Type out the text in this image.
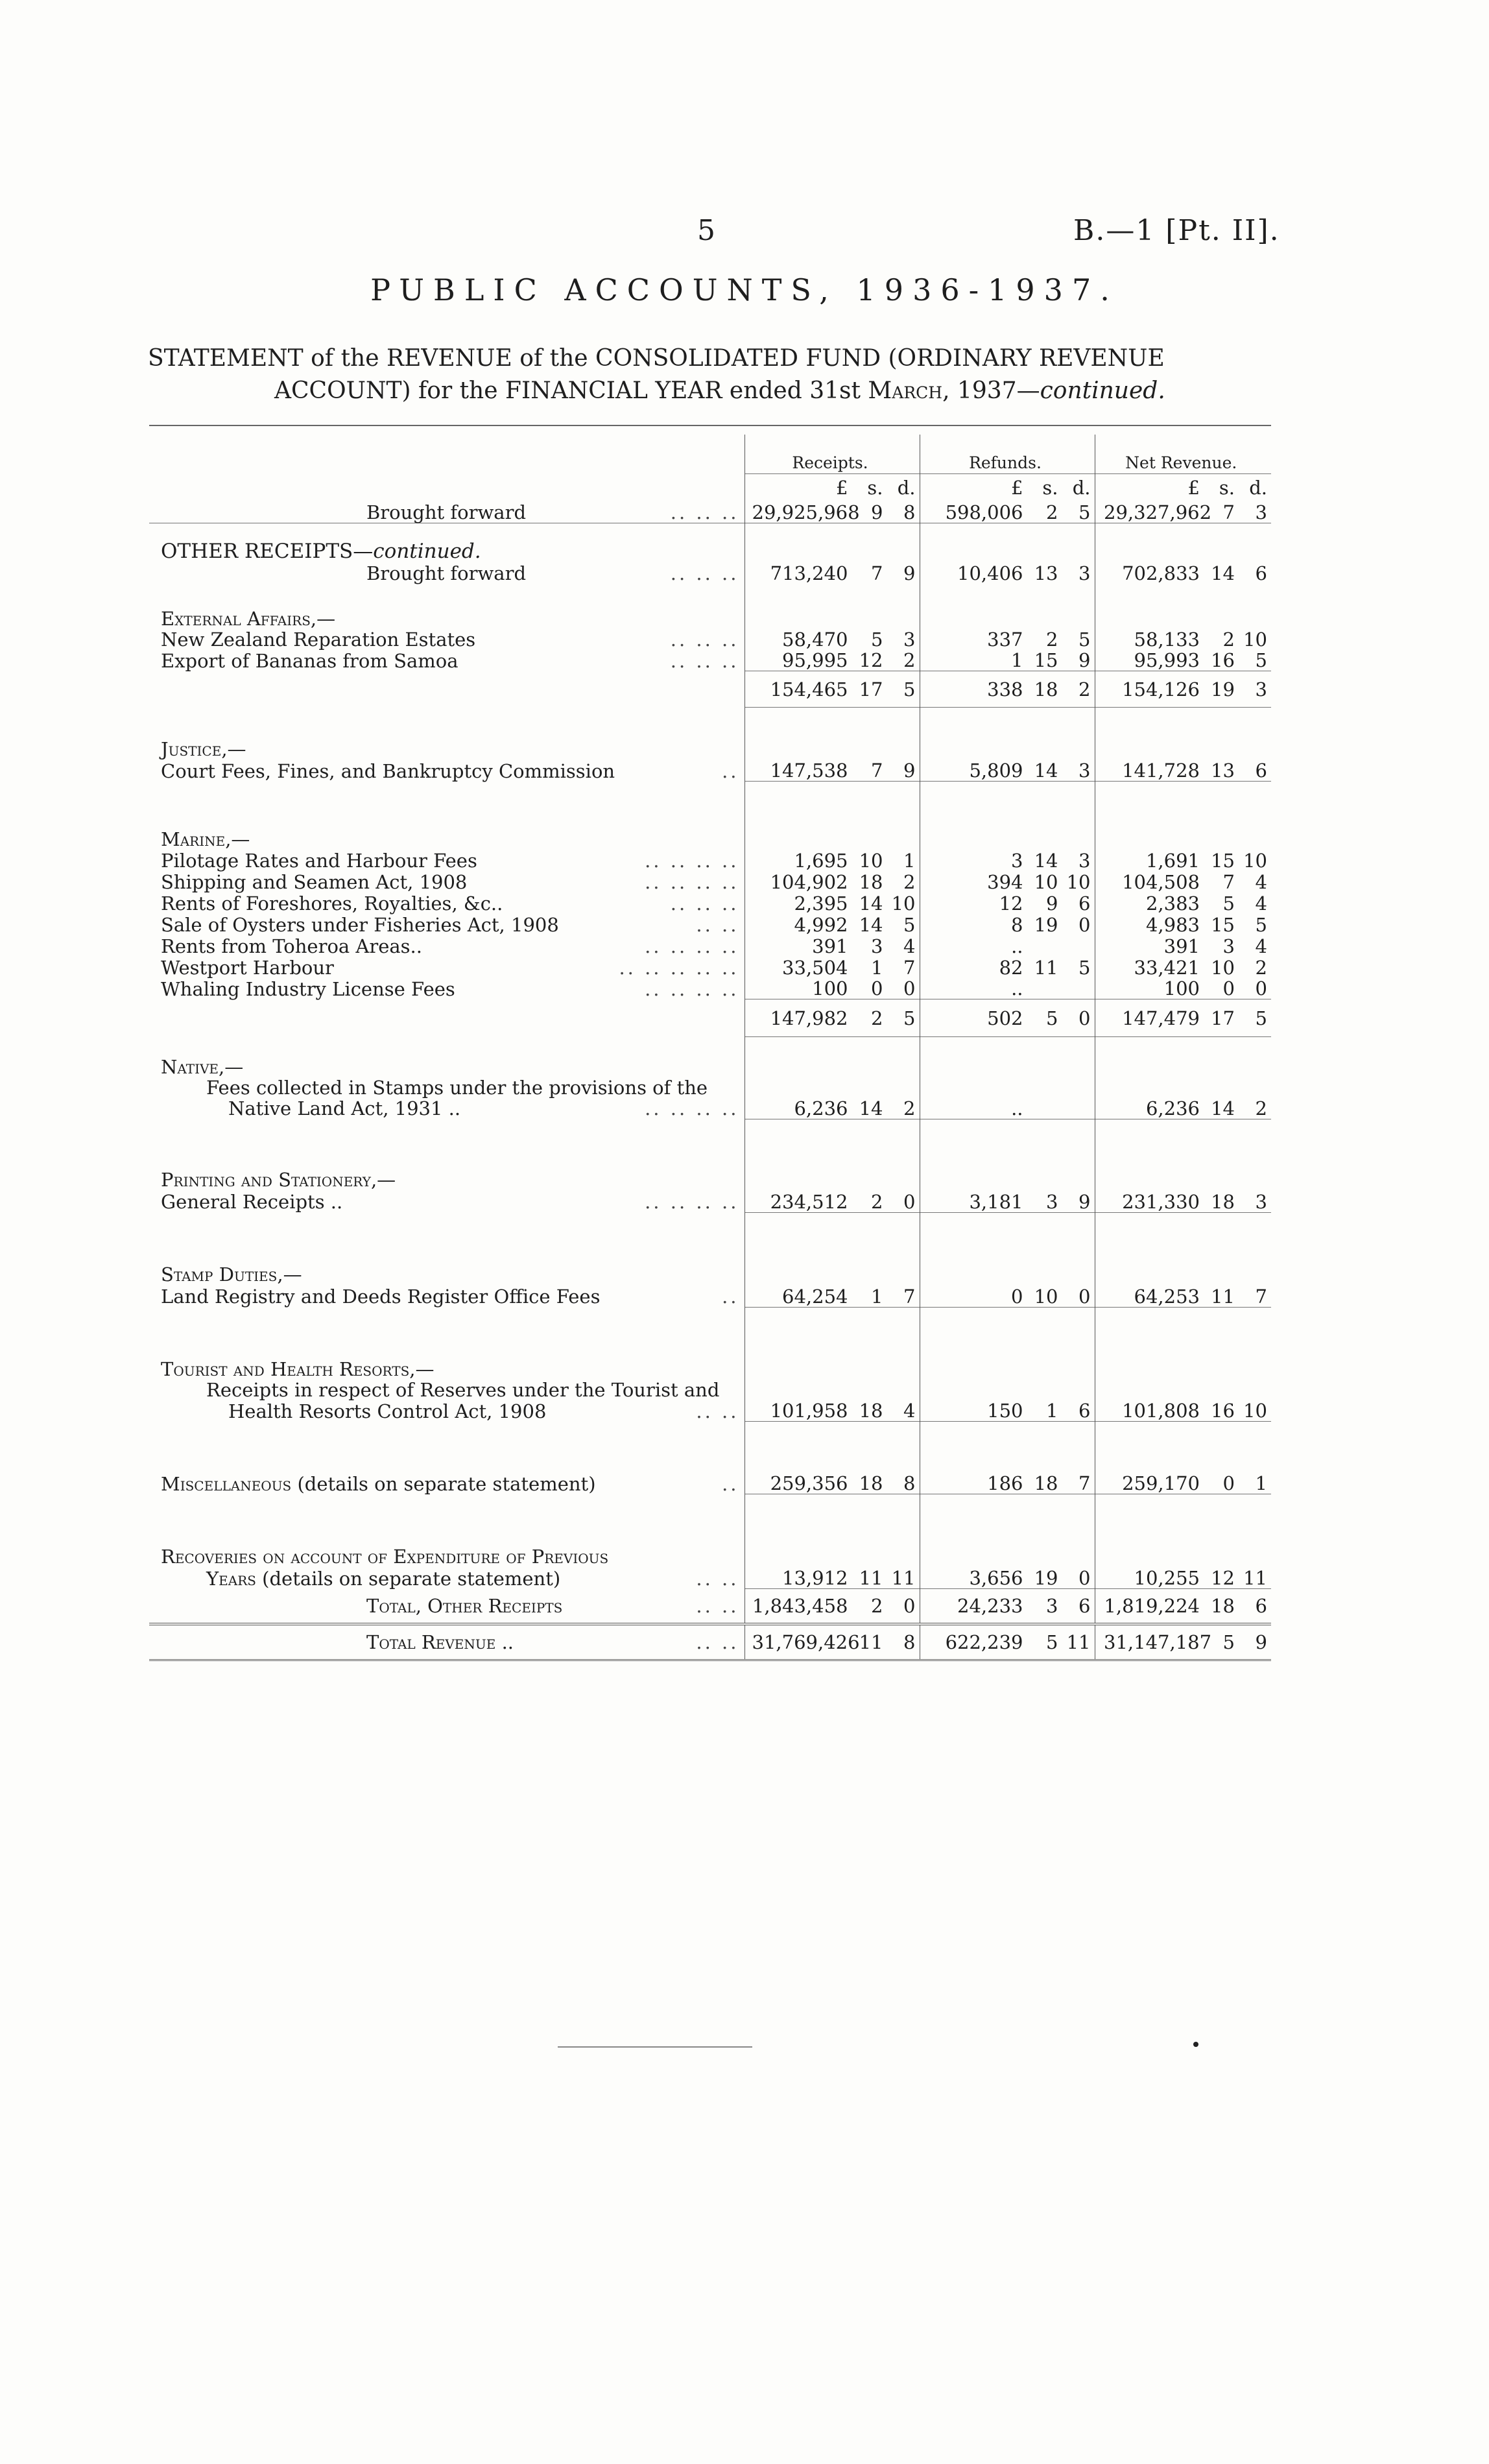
5	B.—1 [Pt. II].
PUBLIC ACCOUNTS, 1936-1937.
STATEMENT of the REVENUE of the CONSOLIDATED FUND (ORDINARY REVENUE
ACCOUNT) for the FINANCIAL YEAR ended 31st March, 1937—continued.

	Receipts.	Refunds.	Net Revenue.
	£ s. d.	£ s. d.	£ s. d.
Brought forward .. .. ..	29,925,968 9 8	598,006 2 5	29,327,962 7 3
OTHER RECEIPTS—continued.			
Brought forward .. .. ..	713,240 7 9	10,406 13 3	702,833 14 6
External Affairs,—			
New Zealand Reparation Estates .. .. ..	58,470 5 3	337 2 5	58,133 2 10
Export of Bananas from Samoa .. .. ..	95,995 12 2	1 15 9	95,993 16 5
	154,465 17 5	338 18 2	154,126 19 3
Justice,—			
Court Fees, Fines, and Bankruptcy Commission ..	147,538 7 9	5,809 14 3	141,728 13 6

Marine,—			
Pilotage Rates and Harbour Fees .. .. .. ..	1,695 10 1	3 14 3	1,691 15 10
Shipping and Seamen Act, 1908 .. .. .. ..	104,902 18 2	394 10 10	104,508 7 4
Rents of Foreshores, Royalties, &c.. .. .. ..	2,395 14 10	12 9 6	2,383 5 4
Sale of Oysters under Fisheries Act, 1908 .. ..	4,992 14 5	8 19 0	4,983 15 5
Rents from Toheroa Areas.. .. .. .. ..	391 3 4	..	391 3 4
Westport Harbour .. .. .. .. ..	33,504 1 7	82 11 5	33,421 10 2
Whaling Industry License Fees .. .. .. ..	100 0 0	..	100 0 0
	147,982 2 5	502 5 0	147,479 17 5
Native,—			
Fees collected in Stamps under the provisions of the			
Native Land Act, 1931 .. .. .. .. ..	6,236 14 2	..	6,236 14 2

Printing and Stationery,—			
General Receipts .. .. .. .. ..	234,512 2 0	3,181 3 9	231,330 18 3

Stamp Duties,—			
Land Registry and Deeds Register Office Fees ..	64,254 1 7	0 10 0	64,253 11 7

Tourist and Health Resorts,—			
Receipts in respect of Reserves under the Tourist and			
Health Resorts Control Act, 1908 .. ..	101,958 18 4	150 1 6	101,808 16 10

Miscellaneous (details on separate statement) ..	259,356 18 8	186 18 7	259,170 0 1

Recoveries on account of Expenditure of Previous			
Years (details on separate statement) .. ..	13,912 11 11	3,656 19 0	10,255 12 11
Total, Other Receipts .. ..	1,843,458 2 0	24,233 3 6	1,819,224 18 6
Total Revenue .. .. ..	31,769,42611 8	622,239 5 11	31,147,187 5 9
